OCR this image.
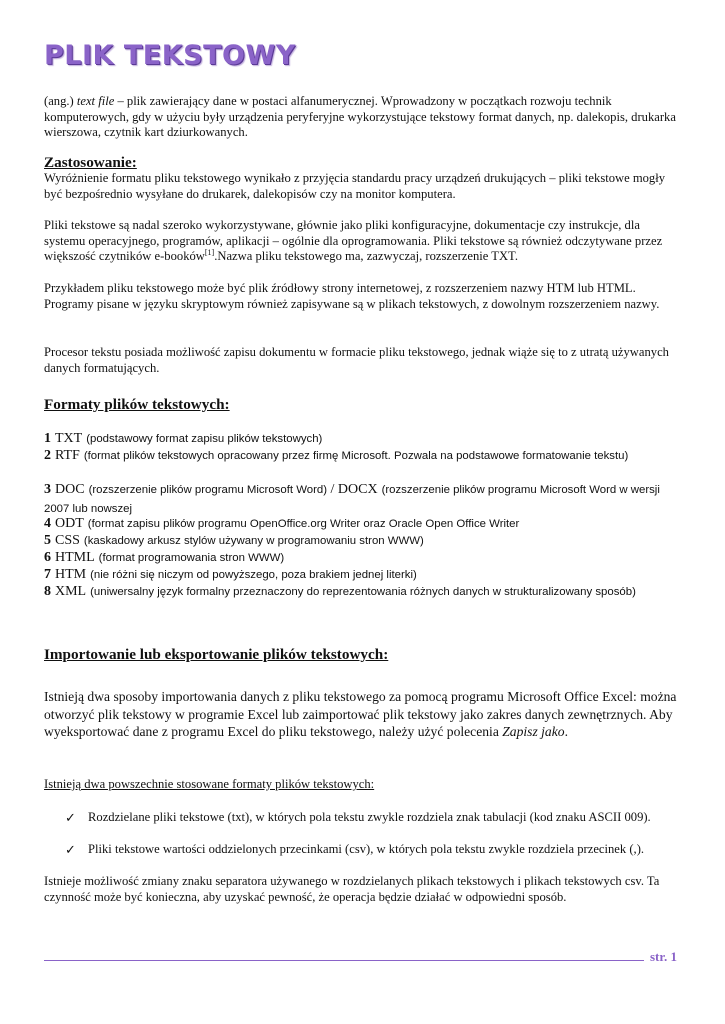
PLIK TEKSTOWY

(ang.) text file – plik zawierający dane w postaci alfanumerycznej. Wprowadzony w początkach rozwoju technik komputerowych, gdy w użyciu były urządzenia peryferyjne wykorzystujące tekstowy format danych, np. dalekopis, drukarka wierszowa, czytnik kart dziurkowanych.

Zastosowanie:

Wyróżnienie formatu pliku tekstowego wynikało z przyjęcia standardu pracy urządzeń drukujących – pliki tekstowe mogły być bezpośrednio wysyłane do drukarek, dalekopisów czy na monitor komputera.

Pliki tekstowe są nadal szeroko wykorzystywane, głównie jako pliki konfiguracyjne, dokumentacje czy instrukcje, dla systemu operacyjnego, programów, aplikacji – ogólnie dla oprogramowania. Pliki tekstowe są również odczytywane przez większość czytników e-booków[1].Nazwa pliku tekstowego ma, zazwyczaj, rozszerzenie TXT.

Przykładem pliku tekstowego może być plik źródłowy strony internetowej, z rozszerzeniem nazwy HTM lub HTML. Programy pisane w języku skryptowym również zapisywane są w plikach tekstowych, z dowolnym rozszerzeniem nazwy.

Procesor tekstu posiada możliwość zapisu dokumentu w formacie pliku tekstowego, jednak wiąże się to z utratą używanych danych formatujących.

Formaty plików tekstowych:
1 TXT (podstawowy format zapisu plików tekstowych)
2 RTF (format plików tekstowych opracowany przez firmę Microsoft. Pozwala na podstawowe formatowanie tekstu)
3 DOC (rozszerzenie plików programu Microsoft Word) / DOCX (rozszerzenie plików programu Microsoft Word w wersji 2007 lub nowszej
4 ODT (format zapisu plików programu OpenOffice.org Writer oraz Oracle Open Office Writer
5 CSS (kaskadowy arkusz stylów używany w programowaniu stron WWW)
6 HTML (format programowania stron WWW)
7 HTM (nie różni się niczym od powyższego, poza brakiem jednej literki)
8 XML (uniwersalny język formalny przeznaczony do reprezentowania różnych danych w strukturalizowany sposób)
Importowanie lub eksportowanie plików tekstowych:

Istnieją dwa sposoby importowania danych z pliku tekstowego za pomocą programu Microsoft Office Excel: można otworzyć plik tekstowy w programie Excel lub zaimportować plik tekstowy jako zakres danych zewnętrznych. Aby wyeksportować dane z programu Excel do pliku tekstowego, należy użyć polecenia Zapisz jako.

Istnieją dwa powszechnie stosowane formaty plików tekstowych:

✓ Rozdzielane pliki tekstowe (txt), w których pola tekstu zwykle rozdziela znak tabulacji (kod znaku ASCII 009).

✓ Pliki tekstowe wartości oddzielonych przecinkami (csv), w których pola tekstu zwykle rozdziela przecinek (,).

Istnieje możliwość zmiany znaku separatora używanego w rozdzielanych plikach tekstowych i plikach tekstowych csv. Ta czynność może być konieczna, aby uzyskać pewność, że operacja będzie działać w odpowiedni sposób.

str. 1
